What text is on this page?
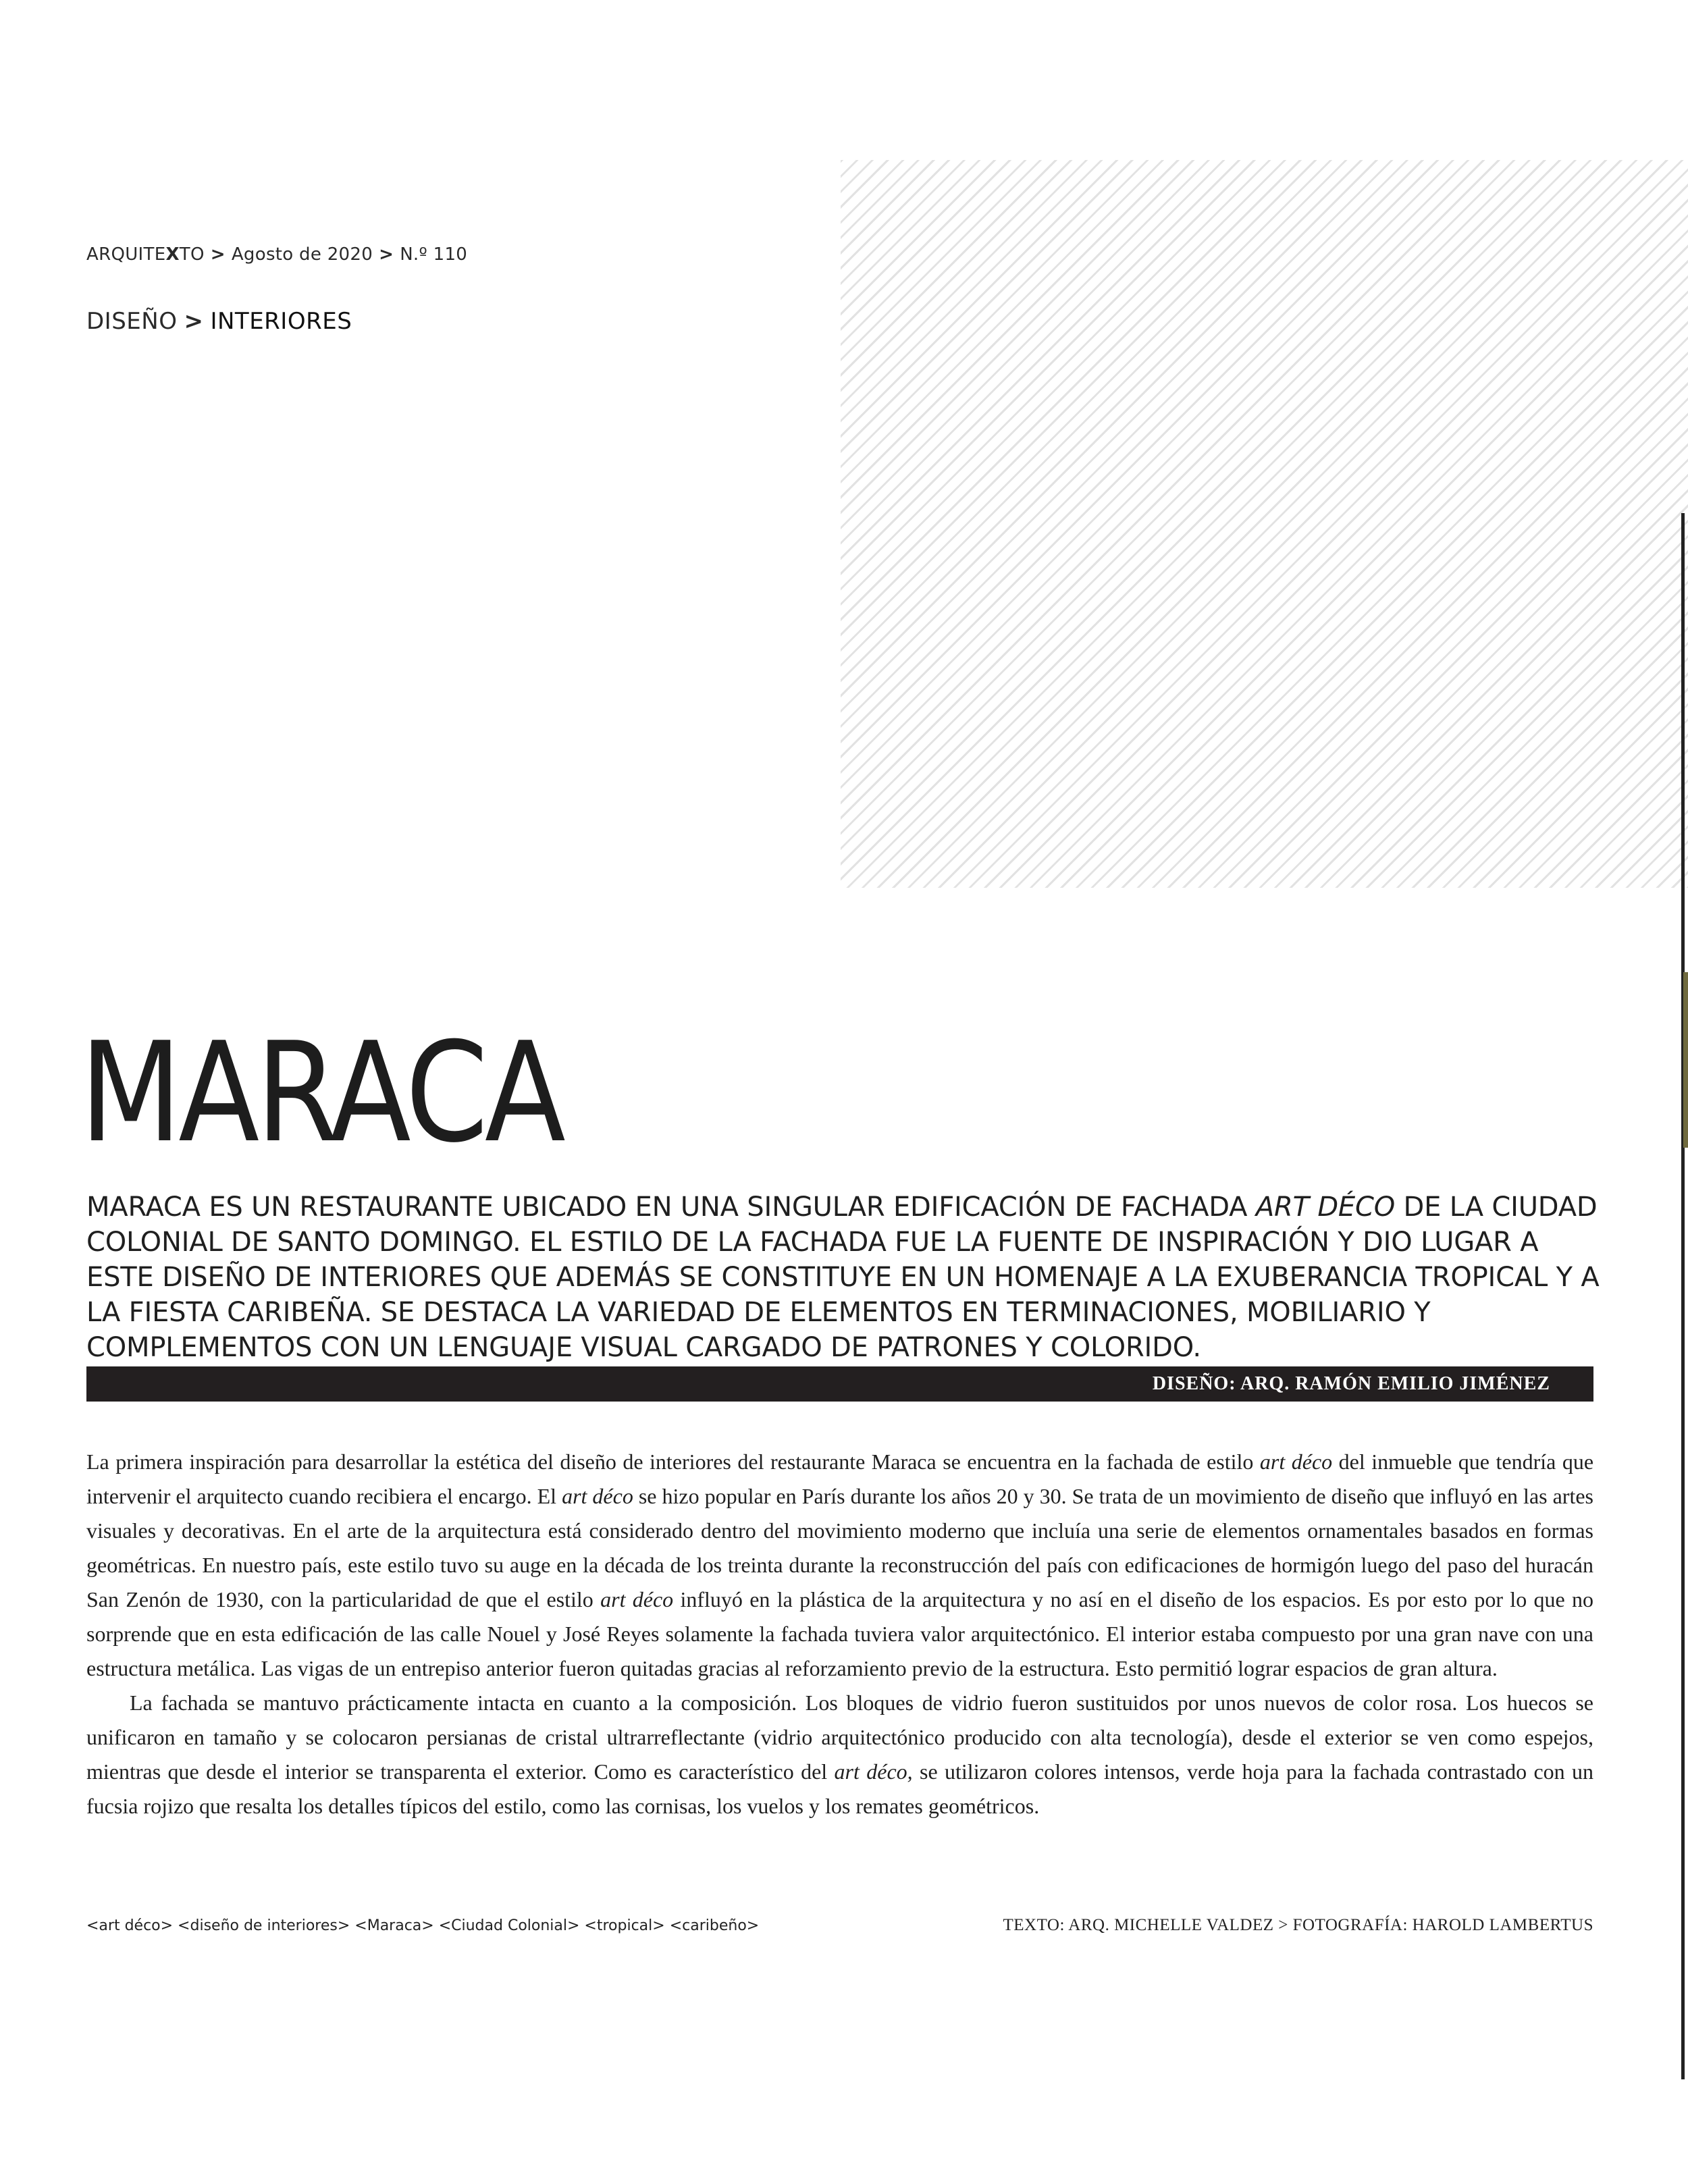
ARQUITEXTO > Agosto de 2020 > N.º 110
DISEÑO > INTERIORES
MARACA

MARACA ES UN RESTAURANTE UBICADO EN UNA SINGULAR EDIFICACIÓN DE FACHADA ART DÉCO DE LA CIUDAD COLONIAL DE SANTO DOMINGO. EL ESTILO DE LA FACHADA FUE LA FUENTE DE INSPIRACIÓN Y DIO LUGAR A ESTE DISEÑO DE INTERIORES QUE ADEMÁS SE CONSTITUYE EN UN HOMENAJE A LA EXUBERANCIA TROPICAL Y A LA FIESTA CARIBEÑA. SE DESTACA LA VARIEDAD DE ELEMENTOS EN TERMINACIONES, MOBILIARIO Y COMPLEMENTOS CON UN LENGUAJE VISUAL CARGADO DE PATRONES Y COLORIDO.

DISEÑO: ARQ. RAMÓN EMILIO JIMÉNEZ

La primera inspiración para desarrollar la estética del diseño de interiores del restaurante Maraca se encuentra en la fachada de estilo art déco del inmueble que tendría que intervenir el arquitecto cuando recibiera el encargo. El art déco se hizo popular en París durante los años 20 y 30. Se trata de un movimiento de diseño que influyó en las artes visuales y decorativas. En el arte de la arquitectura está considerado dentro del movimiento moderno que incluía una serie de elementos ornamentales basados en formas geométricas. En nuestro país, este estilo tuvo su auge en la década de los treinta durante la reconstrucción del país con edificaciones de hormigón luego del paso del huracán San Zenón de 1930, con la particularidad de que el estilo art déco influyó en la plástica de la arquitectura y no así en el diseño de los espacios. Es por esto por lo que no sorprende que en esta edificación de las calle Nouel y José Reyes solamente la fachada tuviera valor arquitectónico. El interior estaba compuesto por una gran nave con una estructura metálica. Las vigas de un entrepiso anterior fueron quitadas gracias al reforzamiento previo de la estructura. Esto permitió lograr espacios de gran altura.

La fachada se mantuvo prácticamente intacta en cuanto a la composición. Los bloques de vidrio fueron sustituidos por unos nuevos de color rosa. Los huecos se unificaron en tamaño y se colocaron persianas de cristal ultrarreflectante (vidrio arquitectónico producido con alta tecnología), desde el exterior se ven como espejos, mientras que desde el interior se transparenta el exterior. Como es característico del art déco, se utilizaron colores intensos, verde hoja para la fachada contrastado con un fucsia rojizo que resalta los detalles típicos del estilo, como las cornisas, los vuelos y los remates geométricos.

<art déco> <diseño de interiores> <Maraca> <Ciudad Colonial> <tropical> <caribeño>	TEXTO: ARQ. MICHELLE VALDEZ > FOTOGRAFÍA: HAROLD LAMBERTUS
